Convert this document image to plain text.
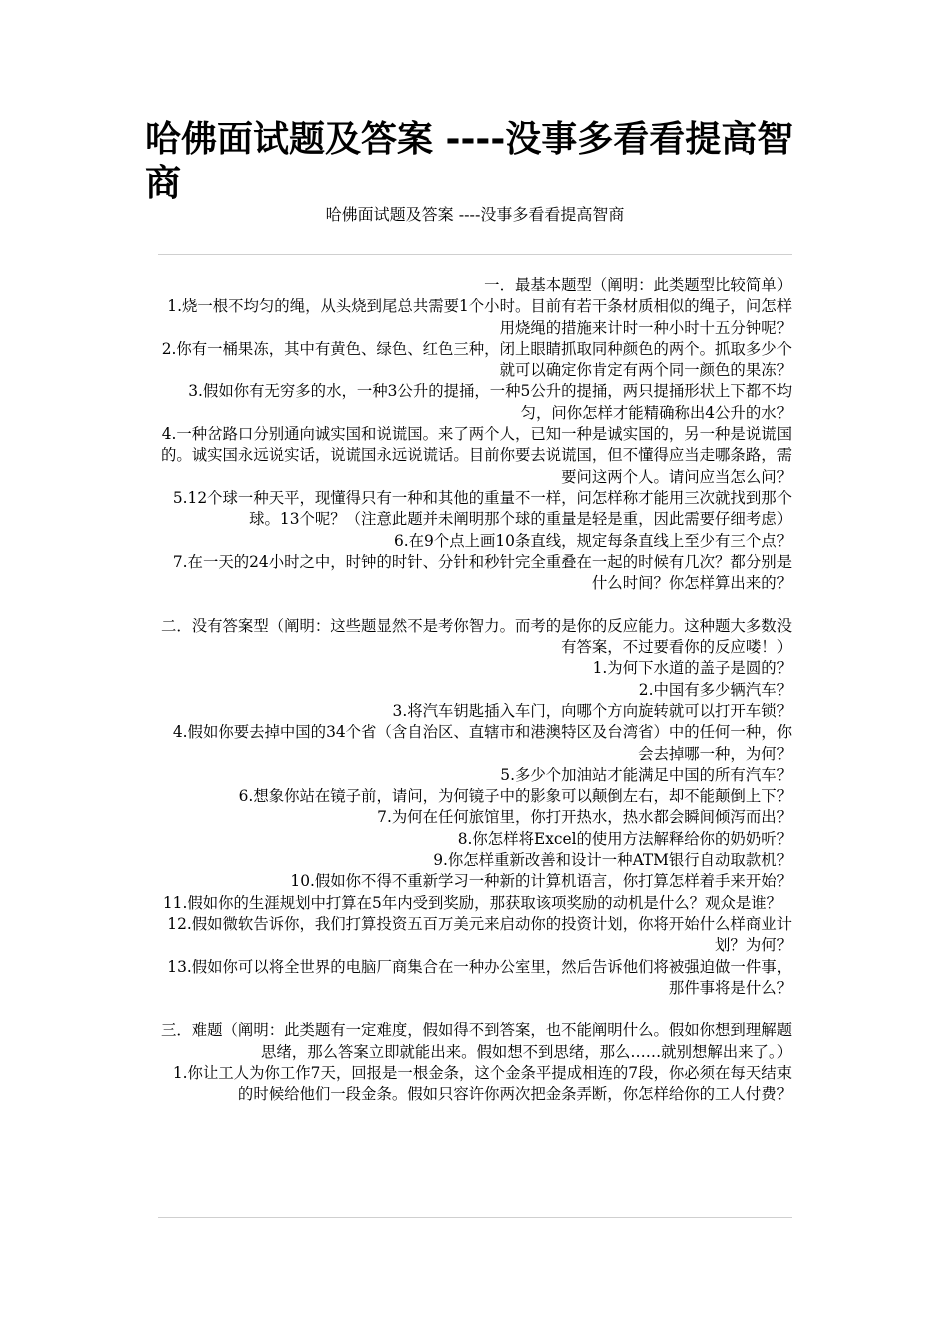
哈佛面试题及答案 ----没事多看看提高智商

哈佛面试题及答案 ----没事多看看提高智商

一．最基本题型（阐明：此类题型比较简单）

1.烧一根不均匀的绳，从头烧到尾总共需要1个小时。目前有若干条材质相似的绳子，问怎样用烧绳的措施来计时一种小时十五分钟呢？

2.你有一桶果冻，其中有黄色、绿色、红色三种，闭上眼睛抓取同种颜色的两个。抓取多少个就可以确定你肯定有两个同一颜色的果冻？

3.假如你有无穷多的水，一种3公升的提捅，一种5公升的提捅，两只提捅形状上下都不均匀，问你怎样才能精确称出4公升的水？

4.一种岔路口分别通向诚实国和说谎国。来了两个人，已知一种是诚实国的，另一种是说谎国的。诚实国永远说实话，说谎国永远说谎话。目前你要去说谎国，但不懂得应当走哪条路，需要问这两个人。请问应当怎么问？

5.12个球一种天平，现懂得只有一种和其他的重量不一样，问怎样称才能用三次就找到那个球。13个呢？（注意此题并未阐明那个球的重量是轻是重，因此需要仔细考虑）

6.在9个点上画10条直线，规定每条直线上至少有三个点？

7.在一天的24小时之中，时钟的时针、分针和秒针完全重叠在一起的时候有几次？都分别是什么时间？你怎样算出来的？

二．没有答案型（阐明：这些题显然不是考你智力。而考的是你的反应能力。这种题大多数没有答案，不过要看你的反应喽！）

1.为何下水道的盖子是圆的？

2.中国有多少辆汽车？

3.将汽车钥匙插入车门，向哪个方向旋转就可以打开车锁？

4.假如你要去掉中国的34个省（含自治区、直辖市和港澳特区及台湾省）中的任何一种，你会去掉哪一种，为何？

5.多少个加油站才能满足中国的所有汽车？

6.想象你站在镜子前，请问，为何镜子中的影象可以颠倒左右，却不能颠倒上下？

7.为何在任何旅馆里，你打开热水，热水都会瞬间倾泻而出？

8.你怎样将Excel的使用方法解释给你的奶奶听？

9.你怎样重新改善和设计一种ATM银行自动取款机？

10.假如你不得不重新学习一种新的计算机语言，你打算怎样着手来开始？

11.假如你的生涯规划中打算在5年内受到奖励，那获取该项奖励的动机是什么？观众是谁？12.假如微软告诉你，我们打算投资五百万美元来启动你的投资计划，你将开始什么样商业计划？为何？

13.假如你可以将全世界的电脑厂商集合在一种办公室里，然后告诉他们将被强迫做一件事，那件事将是什么？

三．难题（阐明：此类题有一定难度，假如得不到答案，也不能阐明什么。假如你想到理解题思绪，那么答案立即就能出来。假如想不到思绪，那么……就别想解出来了。）

1.你让工人为你工作7天，回报是一根金条，这个金条平提成相连的7段，你必须在每天结束的时候给他们一段金条。假如只容许你两次把金条弄断，你怎样给你的工人付费？
